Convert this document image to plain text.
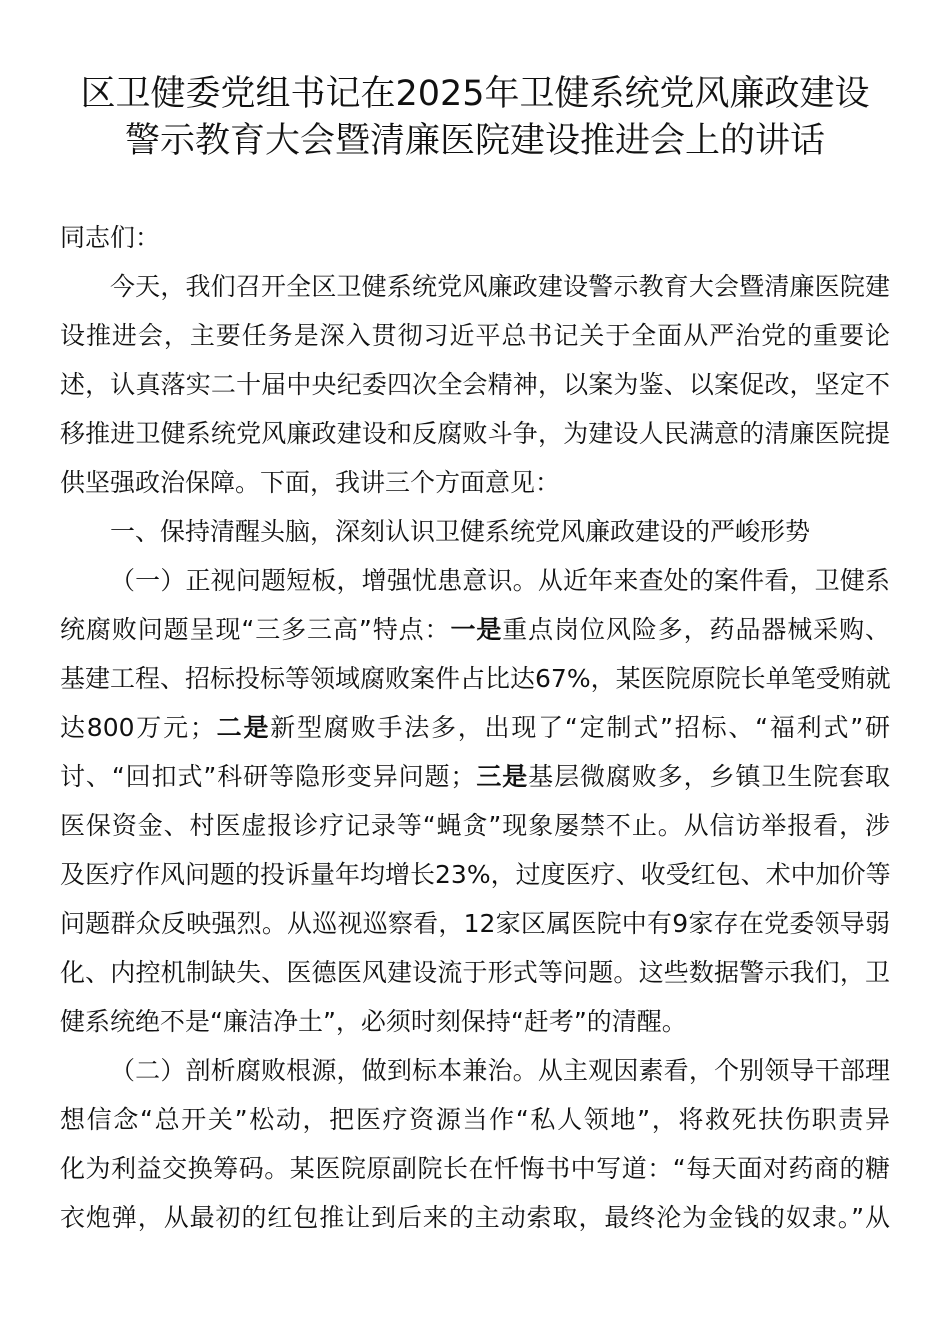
区卫健委党组书记在2025年卫健系统党风廉政建设
警示教育大会暨清廉医院建设推进会上的讲话
同志们：
今天，我们召开全区卫健系统党风廉政建设警示教育大会暨清廉医院建
设推进会，主要任务是深入贯彻习近平总书记关于全面从严治党的重要论
述，认真落实二十届中央纪委四次全会精神，以案为鉴、以案促改，坚定不
移推进卫健系统党风廉政建设和反腐败斗争，为建设人民满意的清廉医院提
供坚强政治保障。下面，我讲三个方面意见：
一、保持清醒头脑，深刻认识卫健系统党风廉政建设的严峻形势
（一）正视问题短板，增强忧患意识。从近年来查处的案件看，卫健系
统腐败问题呈现“三多三高”特点：一是重点岗位风险多，药品器械采购、
基建工程、招标投标等领域腐败案件占比达67%，某医院原院长单笔受贿就
达800万元；二是新型腐败手法多，出现了“定制式”招标、“福利式”研
讨、“回扣式”科研等隐形变异问题；三是基层微腐败多，乡镇卫生院套取
医保资金、村医虚报诊疗记录等“蝇贪”现象屡禁不止。从信访举报看，涉
及医疗作风问题的投诉量年均增长23%，过度医疗、收受红包、术中加价等
问题群众反映强烈。从巡视巡察看，12家区属医院中有9家存在党委领导弱
化、内控机制缺失、医德医风建设流于形式等问题。这些数据警示我们，卫
健系统绝不是“廉洁净土”，必须时刻保持“赶考”的清醒。
（二）剖析腐败根源，做到标本兼治。从主观因素看，个别领导干部理
想信念“总开关”松动，把医疗资源当作“私人领地”，将救死扶伤职责异
化为利益交换筹码。某医院原副院长在忏悔书中写道：“每天面对药商的糖
衣炮弹，从最初的红包推让到后来的主动索取，最终沦为金钱的奴隶。”从
